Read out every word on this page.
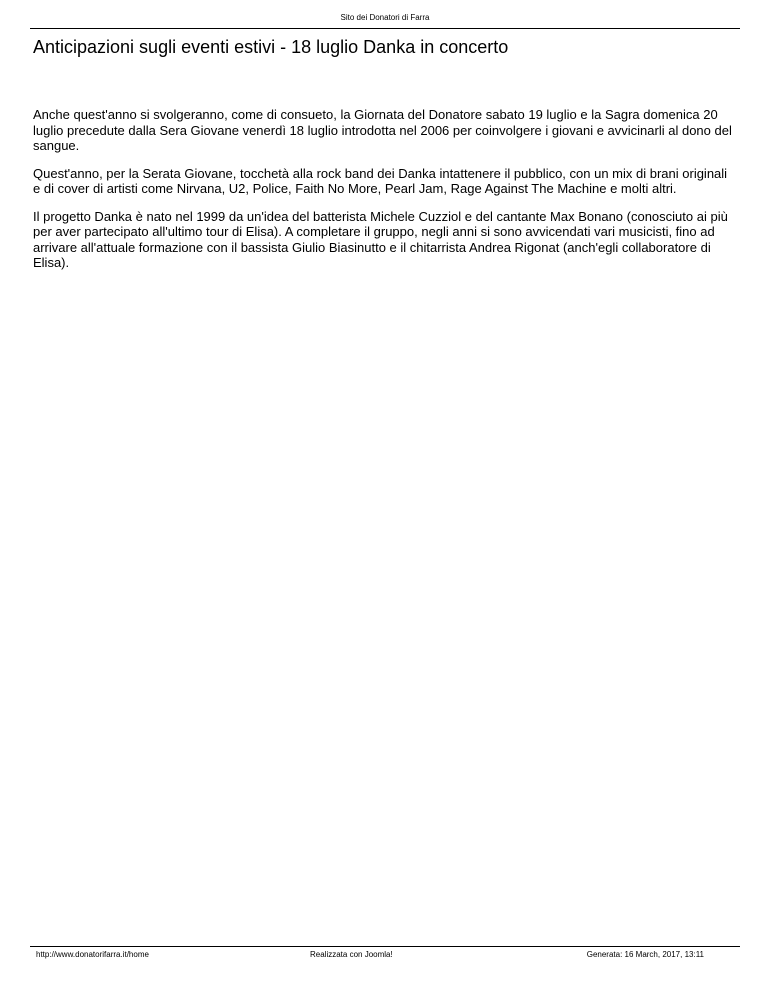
Sito dei Donatori di Farra
Anticipazioni sugli eventi estivi - 18 luglio Danka in concerto

Anche quest'anno si svolgeranno, come di consueto, la Giornata del Donatore sabato 19 luglio e la Sagra domenica 20 luglio precedute dalla Sera Giovane venerdì 18 luglio introdotta nel 2006 per coinvolgere i giovani e avvicinarli al dono del sangue.

Quest'anno, per la Serata Giovane, tocchetà alla rock band dei Danka intattenere il pubblico, con un mix di brani originali e di cover di artisti come Nirvana, U2, Police, Faith No More, Pearl Jam, Rage Against The Machine e molti altri.

Il progetto Danka è nato nel 1999 da un'idea del batterista Michele Cuzziol e del cantante Max Bonano (conosciuto ai più per aver partecipato all'ultimo tour di Elisa). A completare il gruppo, negli anni si sono avvicendati vari musicisti, fino ad arrivare all'attuale formazione con il bassista Giulio Biasinutto e il chitarrista Andrea Rigonat (anch'egli collaboratore di Elisa).

http://www.donatorifarra.it/home	Realizzata con Joomla!	Generata: 16 March, 2017, 13:11
